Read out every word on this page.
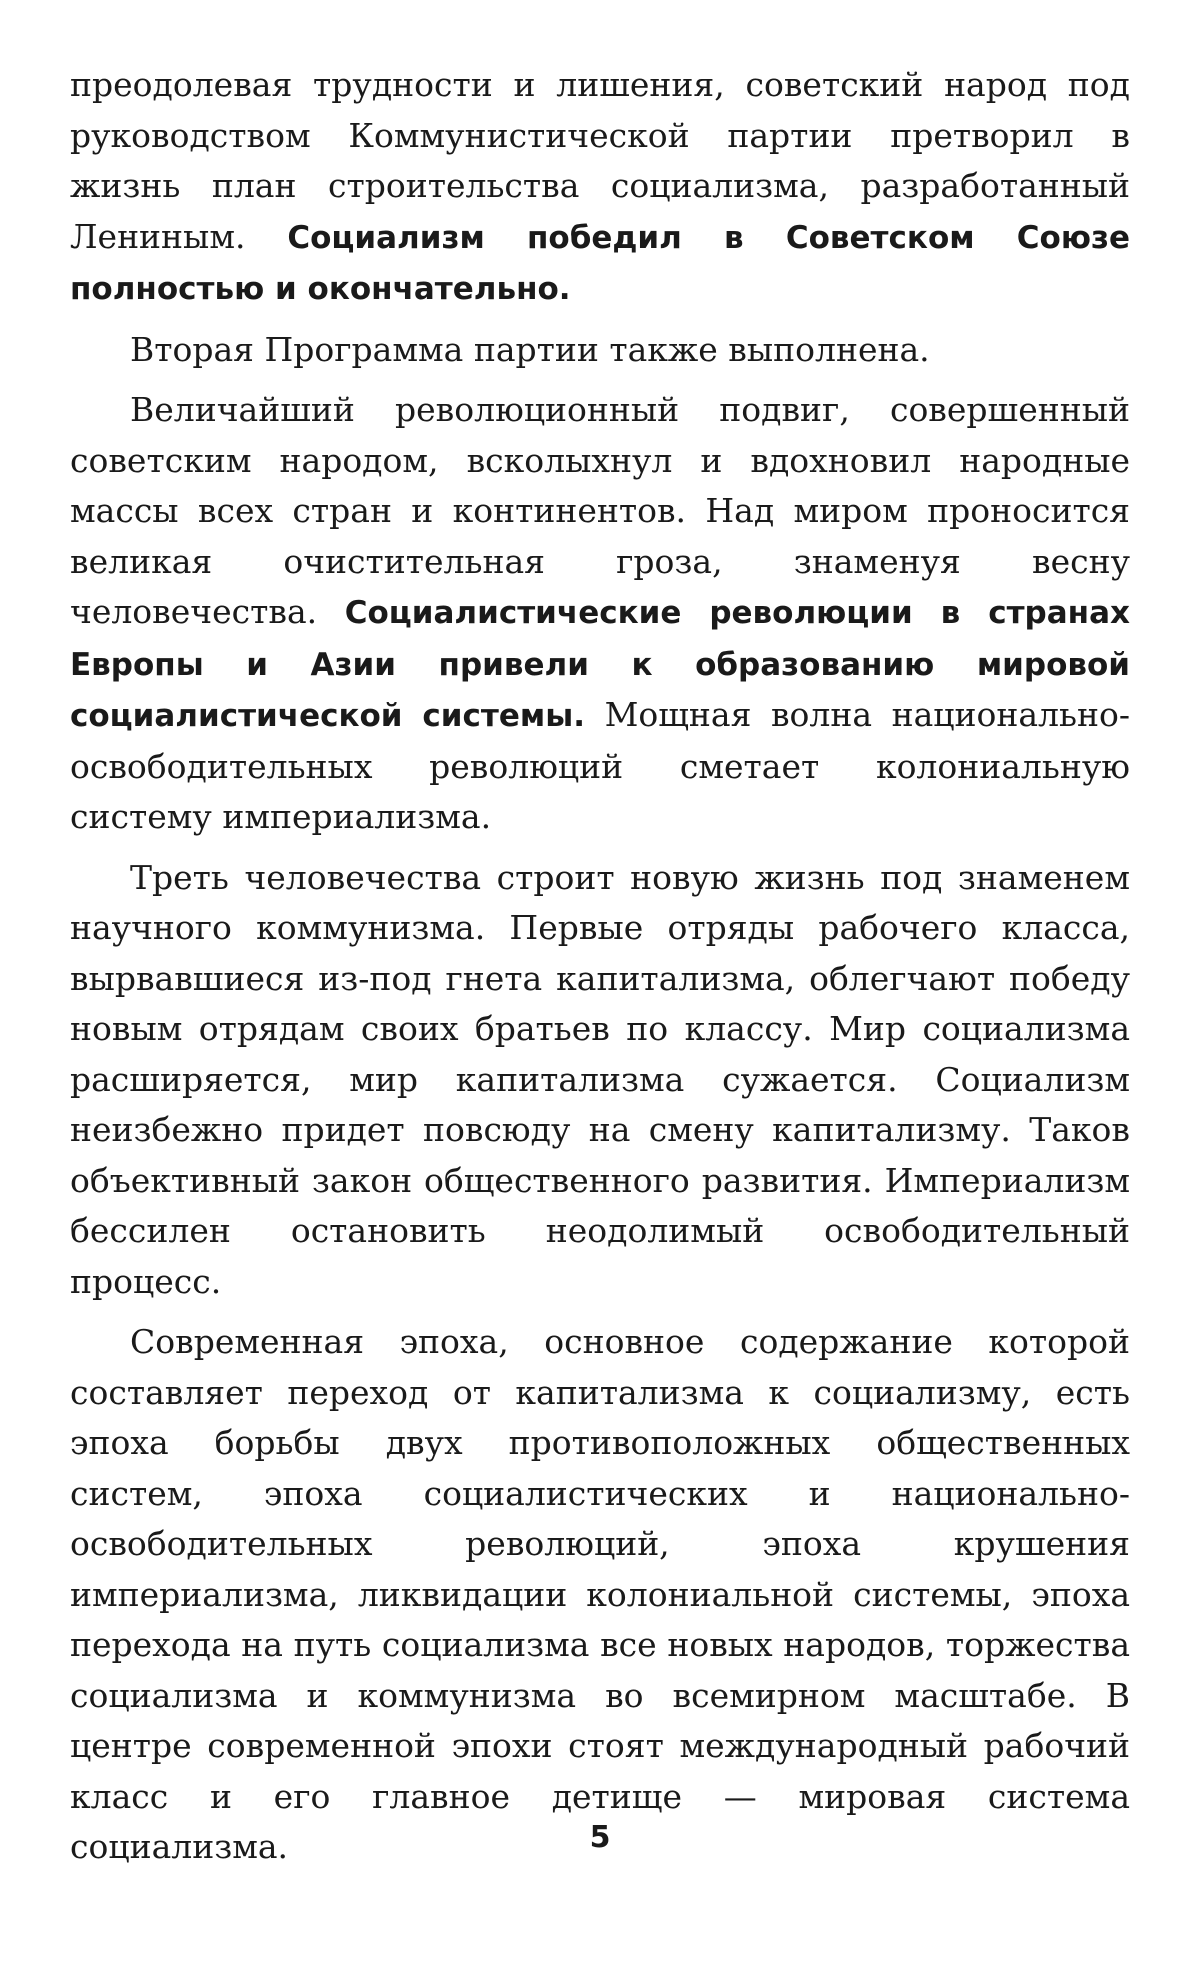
преодолевая трудности и лишения, советский народ под руководством Коммунистической партии претворил в жизнь план строительства социализма, разработанный Лениным. Социализм победил в Советском Союзе полностью и окончательно.

Вторая Программа партии также выполнена.

Величайший революционный подвиг, совершенный советским народом, всколыхнул и вдохновил народные массы всех стран и континентов. Над миром проносится великая очистительная гроза, знаменуя весну человечества. Социалистические революции в странах Европы и Азии привели к образованию мировой социалистической системы. Мощная волна национально-освободительных революций сметает колониальную систему империализма.

Треть человечества строит новую жизнь под знаменем научного коммунизма. Первые отряды рабочего класса, вырвавшиеся из-под гнета капитализма, облегчают победу новым отрядам своих братьев по классу. Мир социализма расширяется, мир капитализма сужается. Социализм неизбежно придет повсюду на смену капитализму. Таков объективный закон общественного развития. Империализм бессилен остановить неодолимый освободительный процесс.

Современная эпоха, основное содержание которой составляет переход от капитализма к социализму, есть эпоха борьбы двух противоположных общественных систем, эпоха социалистических и национально-освободительных революций, эпоха крушения империализма, ликвидации колониальной системы, эпоха перехода на путь социализма все новых народов, торжества социализма и коммунизма во всемирном масштабе. В центре современной эпохи стоят международный рабочий класс и его главное детище — мировая система социализма.	5
